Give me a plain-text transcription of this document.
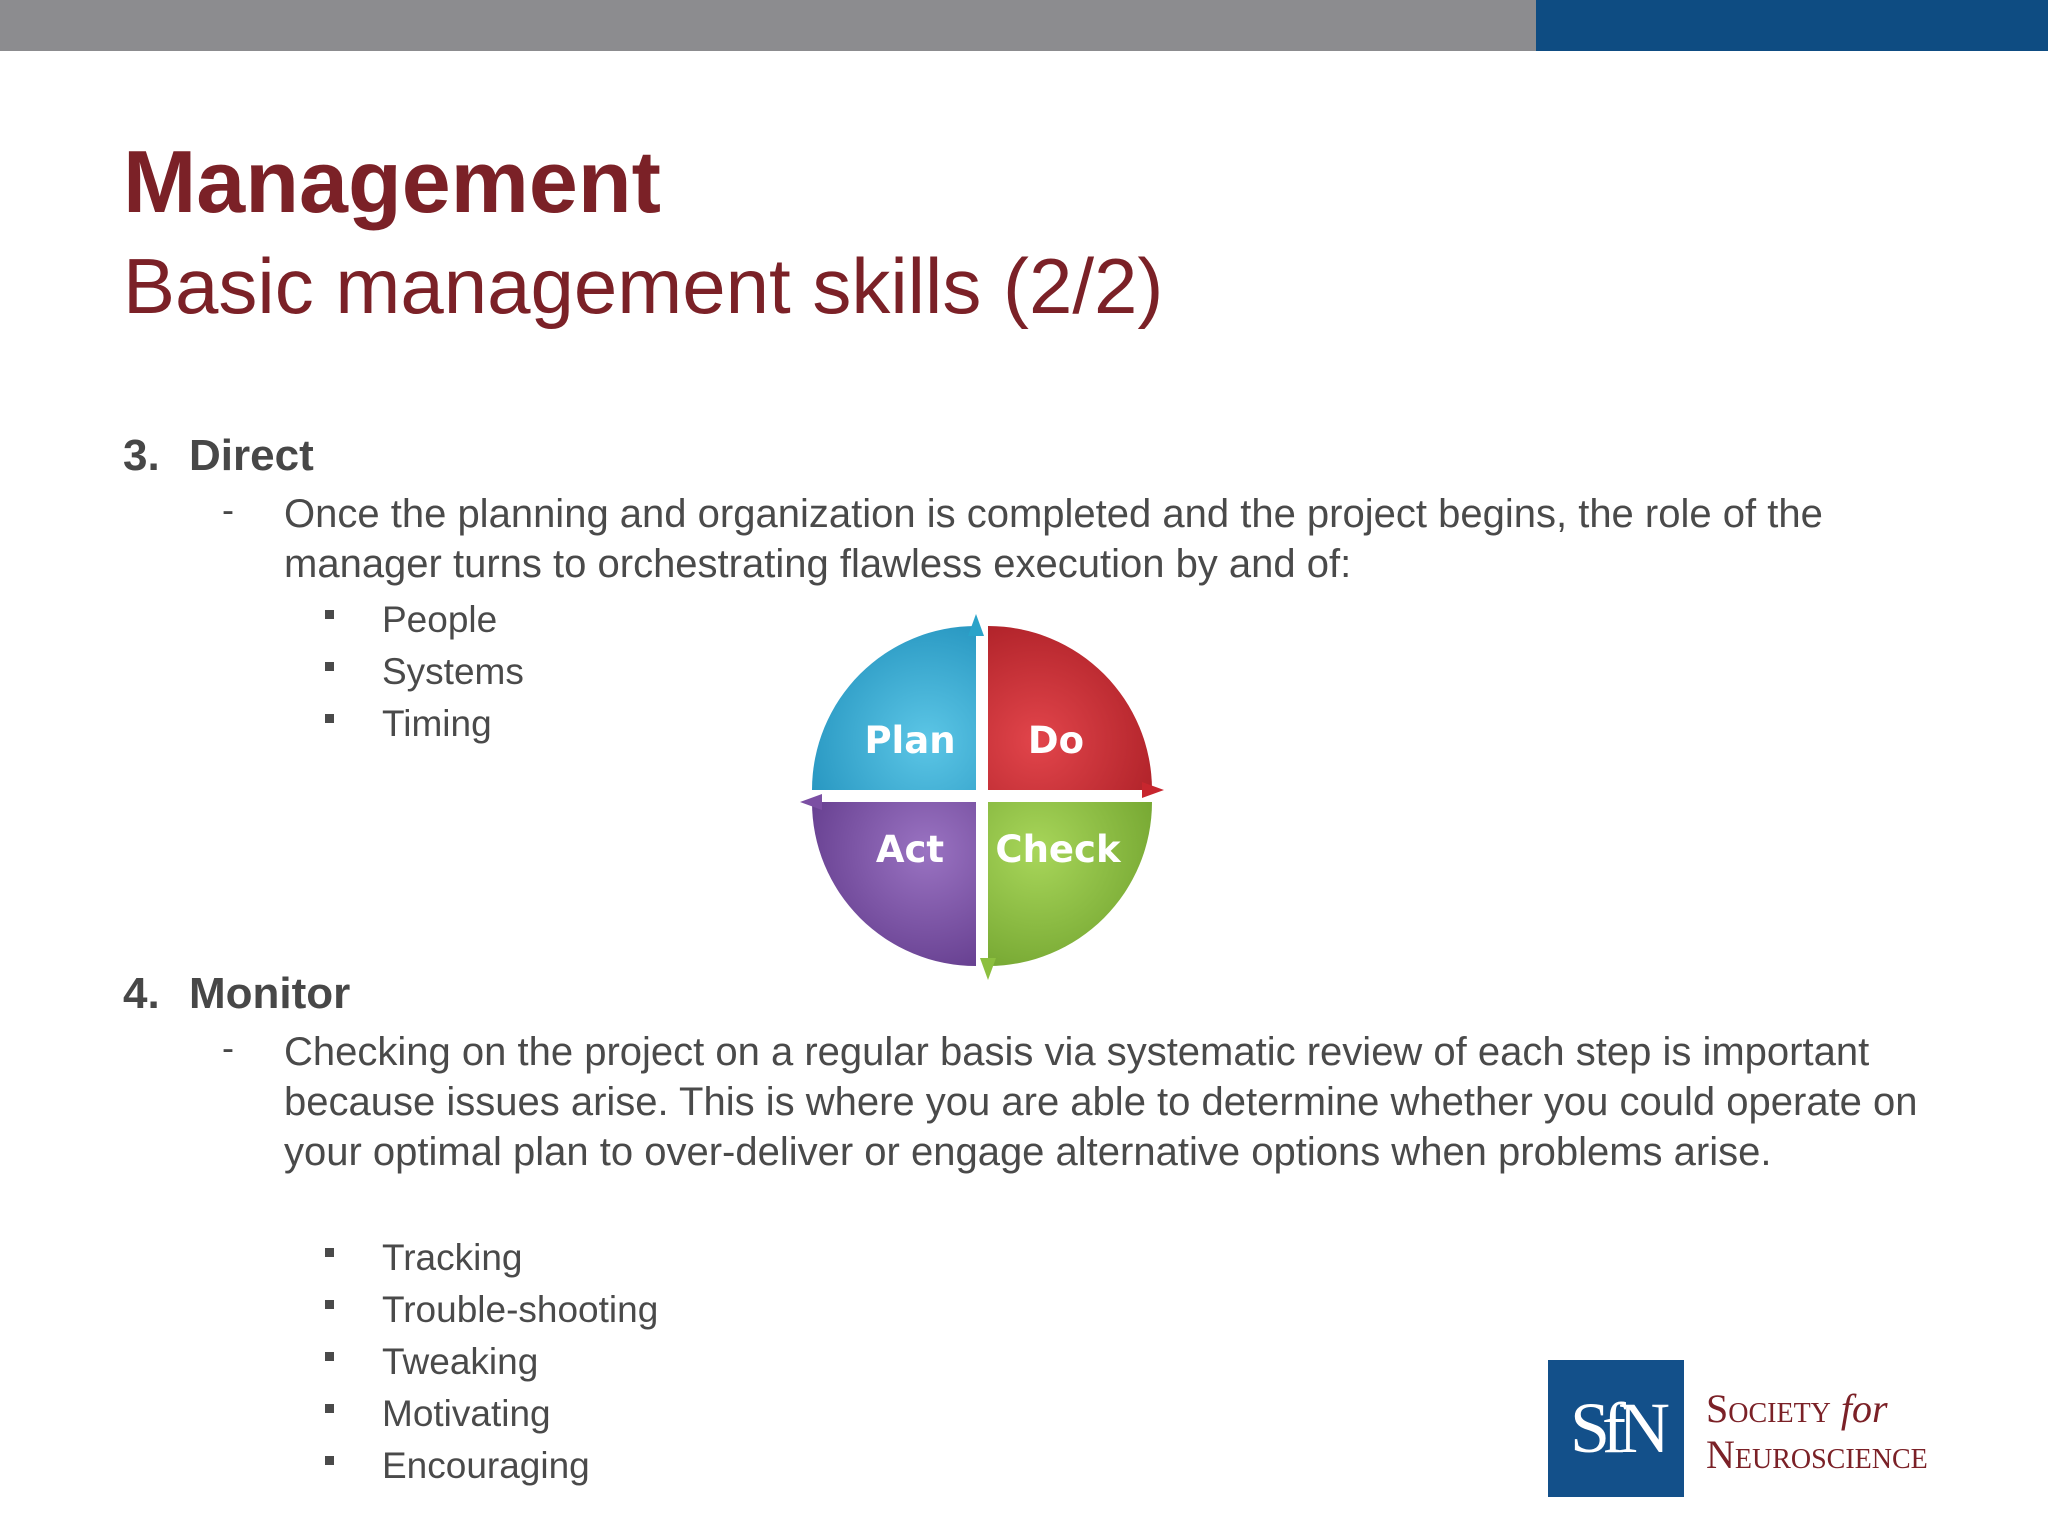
Management
Basic management skills (2/2)
3. Direct
- Once the planning and organization is completed and the project begins, the role of the manager turns to orchestrating flawless execution by and of:
People
Systems
Timing	Plan Do
Check
Act
4. Monitor
- Checking on the project on a regular basis via systematic review of each step is important because issues arise. This is where you are able to determine whether you could operate on your optimal plan to over-deliver or engage alternative options when problems arise.
Tracking
Trouble-shooting
Tweaking
Motivating
Encouraging	SfN	Society for
Neuroscience
